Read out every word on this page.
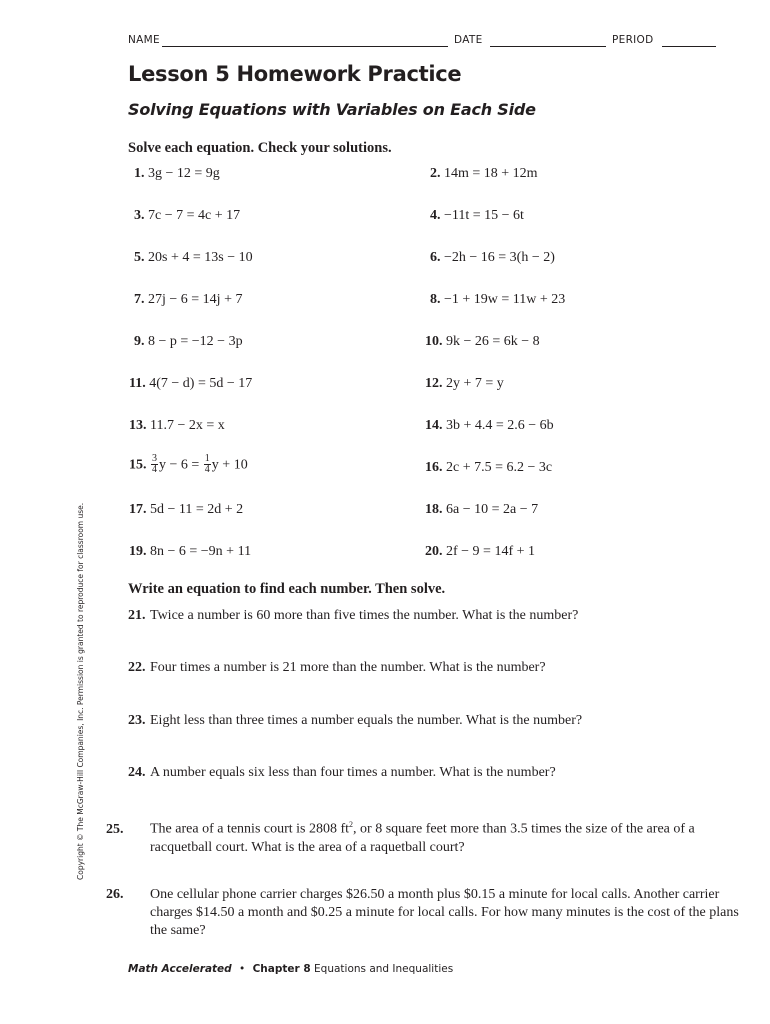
NAME	DATE	PERIOD
Lesson 5 Homework Practice
Solving Equations with Variables on Each Side
Solve each equation. Check your solutions.
1. 3g − 12 = 9g	2. 14m = 18 + 12m
3. 7c − 7 = 4c + 17	4. −11t = 15 − 6t
5. 20s + 4 = 13s − 10	6. −2h − 16 = 3(h − 2)
7. 27j − 6 = 14j + 7	8. −1 + 19w = 11w + 23
9. 8 − p = −12 − 3p	10. 9k − 26 = 6k − 8
11. 4(7 − d) = 5d − 17	12. 2y + 7 = y
13. 11.7 − 2x = x	14. 3b + 4.4 = 2.6 − 6b
15. $\frac{3}{4}$ $y - 6 = \frac{1}{4}$ y + 10	16. 2c + 7.5 = 6.2 − 3c
17. 5d − 11 = 2d + 2	18. 6a − 10 = 2a − 7
19. 8n − 6 = −9n + 11	20. 2f − 9 = 14f + 1
Write an equation to find each number. Then solve.
21. Twice a number is 60 more than five times the number. What is the number?
22. Four times a number is 21 more than the number. What is the number?
23. Eight less than three times a number equals the number. What is the number?
24. A number equals six less than four times a number. What is the number?
25. The area of a tennis court is 2808 $ft^2$, or 8 square feet more than 3.5 times the size of the area of a racquetball court. What is the area of a raquetball court?
26. One cellular phone carrier charges $26.50 a month plus $0.15 a minute for local calls. Another carrier charges $14.50 a month and $0.25 a minute for local calls. For how many minutes is the cost of the plans the same?
Copyright © The McGraw-Hill Companies, Inc. Permission is granted to reproduce for classroom use.
Math Accelerated • Chapter 8 Equations and Inequalities
